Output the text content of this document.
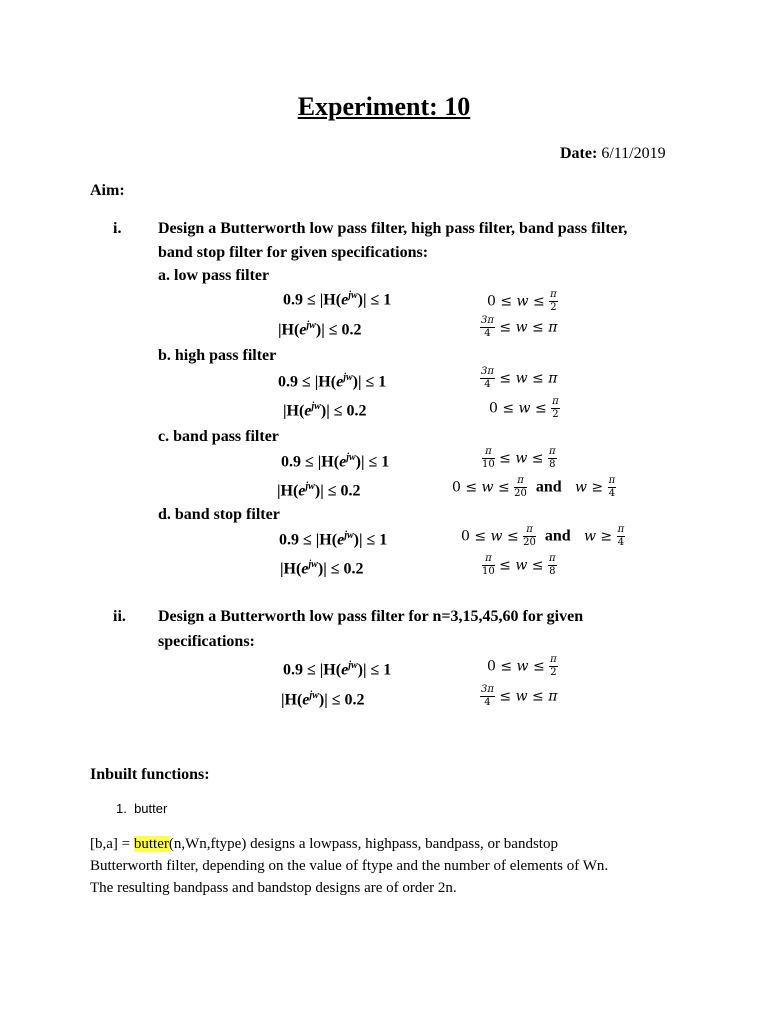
Experiment: 10
Date: 6/11/2019
Aim:
i. Design a Butterworth low pass filter, high pass filter, band pass filter,
band stop filter for given specifications:
a. low pass filter
$0.9 \le |H(e^{jw})| \le 1$	$0 \le w \le \frac{\pi}{2}$
$|H(e^{jw})| \le 0.2$	$\frac{3\pi}{4} \le w \le \pi$
b. high pass filter
$0.9 \le |H(e^{jw})| \le 1$	$\frac{3\pi}{4} \le w \le \pi$
$|H(e^{jw})| \le 0.2$	$0 \le w \le \frac{\pi}{2}$
c. band pass filter
$0.9 \le |H(e^{jw})| \le 1$	$\frac{\pi}{10} \le w \le \frac{\pi}{8}$
$|H(e^{jw})| \le 0.2$	$0 \le w \le \frac{\pi}{20}$ and $w \ge \frac{\pi}{4}$
d. band stop filter
$0.9 \le |H(e^{jw})| \le 1$	$0 \le w \le \frac{\pi}{20}$ and $w \ge \frac{\pi}{4}$
$|H(e^{jw})| \le 0.2$	$\frac{\pi}{10} \le w \le \frac{\pi}{8}$
ii. Design a Butterworth low pass filter for n=3,15,45,60 for given
specifications:
$0.9 \le |H(e^{jw})| \le 1$	$0 \le w \le \frac{\pi}{2}$
$|H(e^{jw})| \le 0.2$	$\frac{3\pi}{4} \le w \le \pi$
Inbuilt functions:
1. butter
[b,a] = butter(n,Wn,ftype) designs a lowpass, highpass, bandpass, or bandstop
Butterworth filter, depending on the value of ftype and the number of elements of Wn.
The resulting bandpass and bandstop designs are of order 2n.
